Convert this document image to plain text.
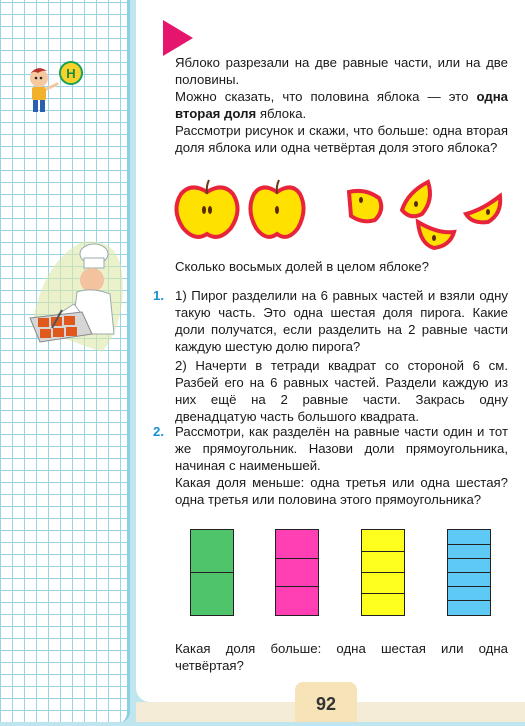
92
Н

Яблоко разрезали на две равные части, или на две половины.

Можно сказать, что половина яблока — это одна вторая доля яблока.

Рассмотри рисунок и скажи, что больше: одна вторая доля яблока или одна четвёртая доля этого яблока?

Сколько восьмых долей в целом яблоке?
1. 1) Пирог разделили на 6 равных частей и взяли одну такую часть. Это одна шестая доля пирога. Какие доли получатся, если разделить на 2 равные части каждую шестую долю пирога?

2) Начерти в тетради квадрат со стороной 6 см. Разбей его на 6 равных частей. Раздели каждую из них ещё на 2 равные части. Закрась одну двенадцатую часть большого квадрата.

2. Рассмотри, как разделён на равные части один и тот же прямоугольник. Назови доли прямоугольника, начиная с наименьшей.

Какая доля меньше: одна третья или одна шестая? одна третья или половина этого прямоугольника?

Какая доля больше: одна шестая или одна четвёртая?
